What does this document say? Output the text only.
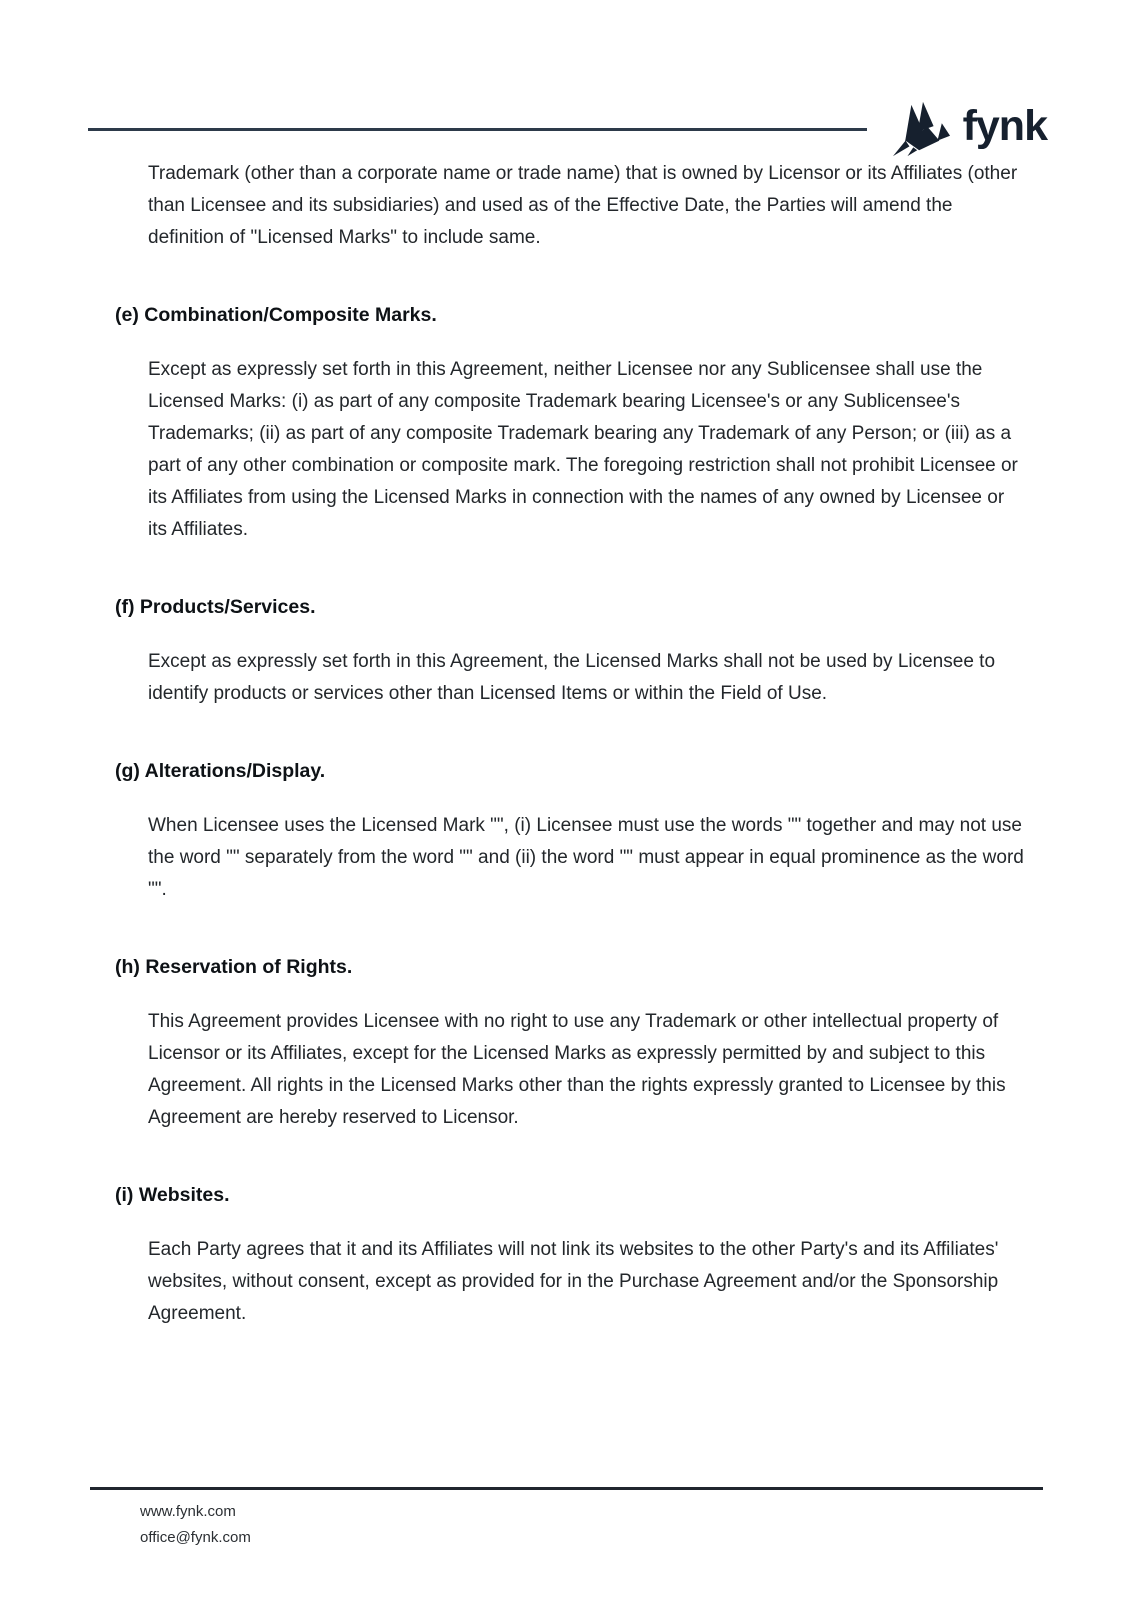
fynk

Trademark (other than a corporate name or trade name) that is owned by Licensor or its Affiliates (other than Licensee and its subsidiaries) and used as of the Effective Date, the Parties will amend the definition of "Licensed Marks" to include same.

(e) Combination/Composite Marks.

Except as expressly set forth in this Agreement, neither Licensee nor any Sublicensee shall use the Licensed Marks: (i) as part of any composite Trademark bearing Licensee's or any Sublicensee's Trademarks; (ii) as part of any composite Trademark bearing any Trademark of any Person; or (iii) as a part of any other combination or composite mark. The foregoing restriction shall not prohibit Licensee or its Affiliates from using the Licensed Marks in connection with the names of any owned by Licensee or its Affiliates.

(f) Products/Services.

Except as expressly set forth in this Agreement, the Licensed Marks shall not be used by Licensee to identify products or services other than Licensed Items or within the Field of Use.

(g) Alterations/Display.

When Licensee uses the Licensed Mark "", (i) Licensee must use the words "" together and may not use the word "" separately from the word "" and (ii) the word "" must appear in equal prominence as the word "".

(h) Reservation of Rights.

This Agreement provides Licensee with no right to use any Trademark or other intellectual property of Licensor or its Affiliates, except for the Licensed Marks as expressly permitted by and subject to this Agreement. All rights in the Licensed Marks other than the rights expressly granted to Licensee by this Agreement are hereby reserved to Licensor.

(i) Websites.

Each Party agrees that it and its Affiliates will not link its websites to the other Party's and its Affiliates' websites, without consent, except as provided for in the Purchase Agreement and/or the Sponsorship Agreement.

www.fynk.com
office@fynk.com
